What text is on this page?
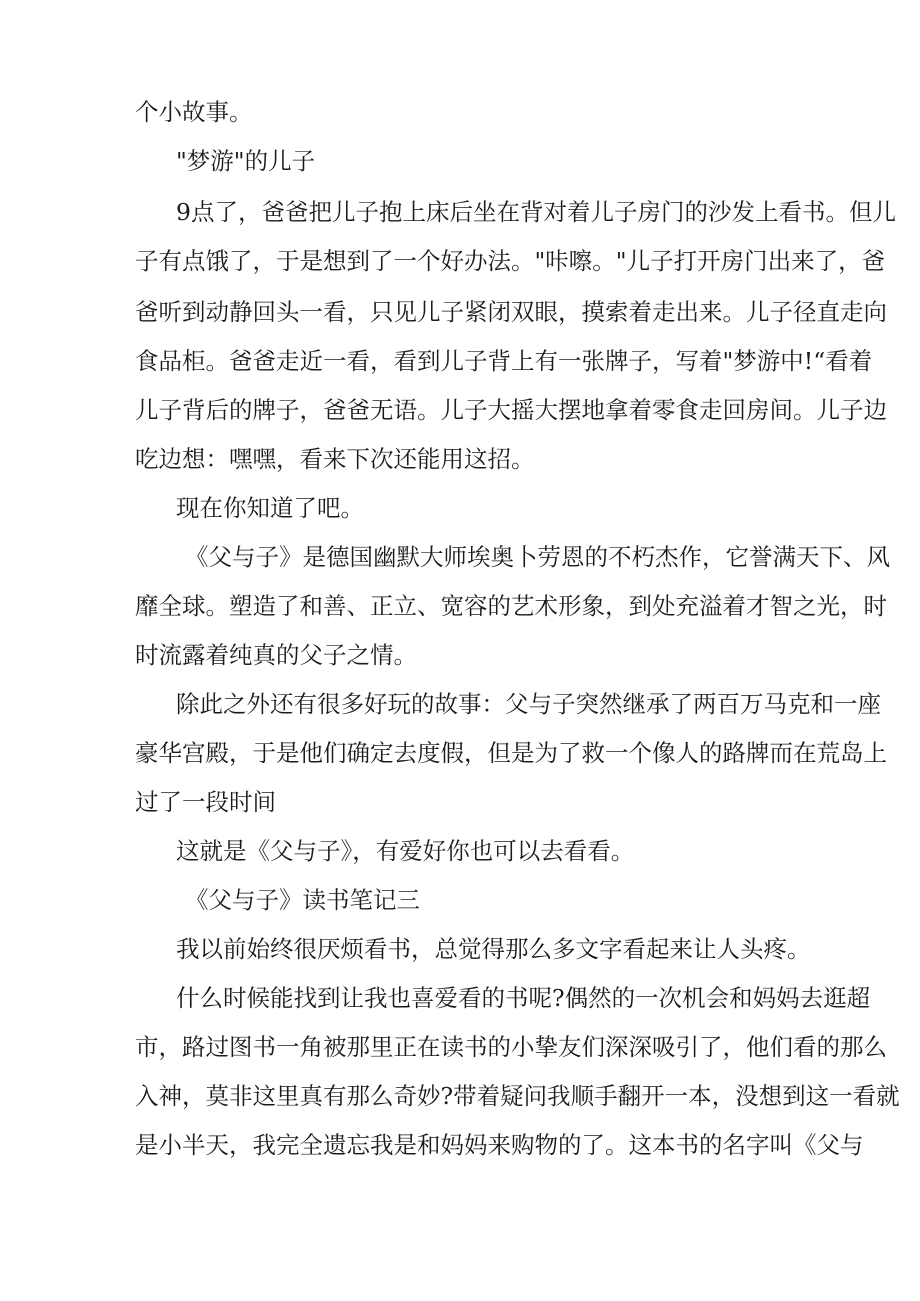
个小故事。
"梦游"的儿子
9点了，爸爸把儿子抱上床后坐在背对着儿子房门的沙发上看书。但儿
子有点饿了，于是想到了一个好办法。"咔嚓。"儿子打开房门出来了，爸
爸听到动静回头一看，只见儿子紧闭双眼，摸索着走出来。儿子径直走向
食品柜。爸爸走近一看，看到儿子背上有一张牌子，写着"梦游中!“看着
儿子背后的牌子，爸爸无语。儿子大摇大摆地拿着零食走回房间。儿子边
吃边想：嘿嘿，看来下次还能用这招。
现在你知道了吧。
《父与子》是德国幽默大师埃奥卜劳恩的不朽杰作，它誉满天下、风
靡全球。塑造了和善、正立、宽容的艺术形象，到处充溢着才智之光，时
时流露着纯真的父子之情。
除此之外还有很多好玩的故事：父与子突然继承了两百万马克和一座
豪华宫殿，于是他们确定去度假，但是为了救一个像人的路牌而在荒岛上
过了一段时间
这就是《父与子》，有爱好你也可以去看看。
《父与子》读书笔记三
我以前始终很厌烦看书，总觉得那么多文字看起来让人头疼。
什么时候能找到让我也喜爱看的书呢?偶然的一次机会和妈妈去逛超
市，路过图书一角被那里正在读书的小挚友们深深吸引了，他们看的那么
入神，莫非这里真有那么奇妙?带着疑问我顺手翻开一本，没想到这一看就
是小半天，我完全遗忘我是和妈妈来购物的了。这本书的名字叫《父与
